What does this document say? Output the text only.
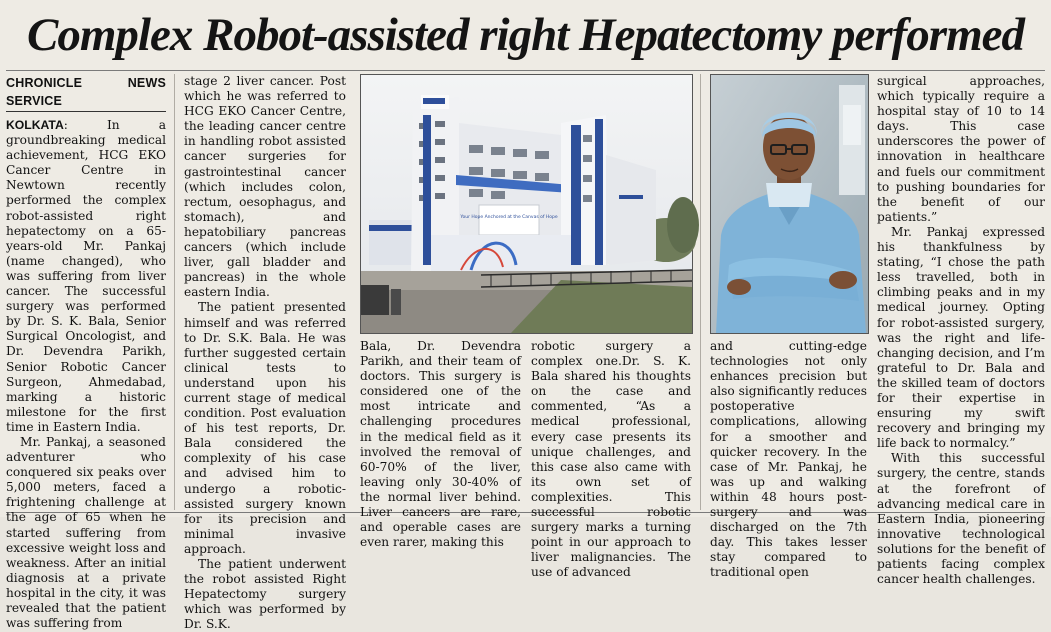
Complex Robot-assisted right Hepatectomy performed
CHRONICLE NEWS SERVICE

KOLKATA: In a groundbreaking medical achievement, HCG EKO Cancer Centre in Newtown recently performed the complex robot-assisted right hepatectomy on a 65-years-old Mr. Pankaj (name changed), who was suffering from liver cancer. The successful surgery was performed by Dr. S. K. Bala, Senior Surgical Oncologist, and Dr. Devendra Parikh, Senior Robotic Cancer Surgeon, Ahmedabad, marking a historic milestone for the first time in Eastern India.

Mr. Pankaj, a seasoned adventurer who conquered six peaks over 5,000 meters, faced a frightening challenge at the age of 65 when he started suffering from excessive weight loss and weakness. After an initial diagnosis at a private hospital in the city, it was revealed that the patient was suffering from

stage 2 liver cancer. Post which he was referred to HCG EKO Cancer Centre, the leading cancer centre in handling robot assisted cancer surgeries for gastrointestinal cancer (which includes colon, rectum, oesophagus, and stomach), and hepatobiliary pancreas cancers (which include liver, gall bladder and pancreas) in the whole eastern India.

The patient presented himself and was referred to Dr. S.K. Bala. He was further suggested certain clinical tests to understand upon his current stage of medical condition. Post evaluation of his test reports, Dr. Bala considered the complexity of his case and advised him to undergo a robotic-assisted surgery known for its precision and minimal invasive approach.

The patient underwent the robot assisted Right Hepatectomy surgery which was performed by Dr. S.K.

Your Hope Anchored at the Canvas of Hope

Bala, Dr. Devendra Parikh, and their team of doctors. This surgery is considered one of the most intricate and challenging procedures in the medical field as it involved the removal of 60-70% of the liver, leaving only 30-40% of the normal liver behind. Liver cancers are rare, and operable cases are even rarer, making this

robotic surgery a complex one.Dr. S. K. Bala shared his thoughts on the case and commented, “As a medical professional, every case presents its unique challenges, and this case also came with its own set of complexities. This successful robotic surgery marks a turning point in our approach to liver malignancies. The use of advanced

and cutting-edge technologies not only enhances precision but also significantly reduces postoperative complications, allowing for a smoother and quicker recovery. In the case of Mr. Pankaj, he was up and walking within 48 hours post-surgery and was discharged on the 7th day. This takes lesser stay compared to traditional open

surgical approaches, which typically require a hospital stay of 10 to 14 days. This case underscores the power of innovation in healthcare and fuels our commitment to pushing boundaries for the benefit of our patients.”

Mr. Pankaj expressed his thankfulness by stating, “I chose the path less travelled, both in climbing peaks and in my medical journey. Opting for robot-assisted surgery, was the right and life-changing decision, and I’m grateful to Dr. Bala and the skilled team of doctors for their expertise in ensuring my swift recovery and bringing my life back to normalcy.”

With this successful surgery, the centre, stands at the forefront of advancing medical care in Eastern India, pioneering innovative technological solutions for the benefit of patients facing complex cancer health challenges.
